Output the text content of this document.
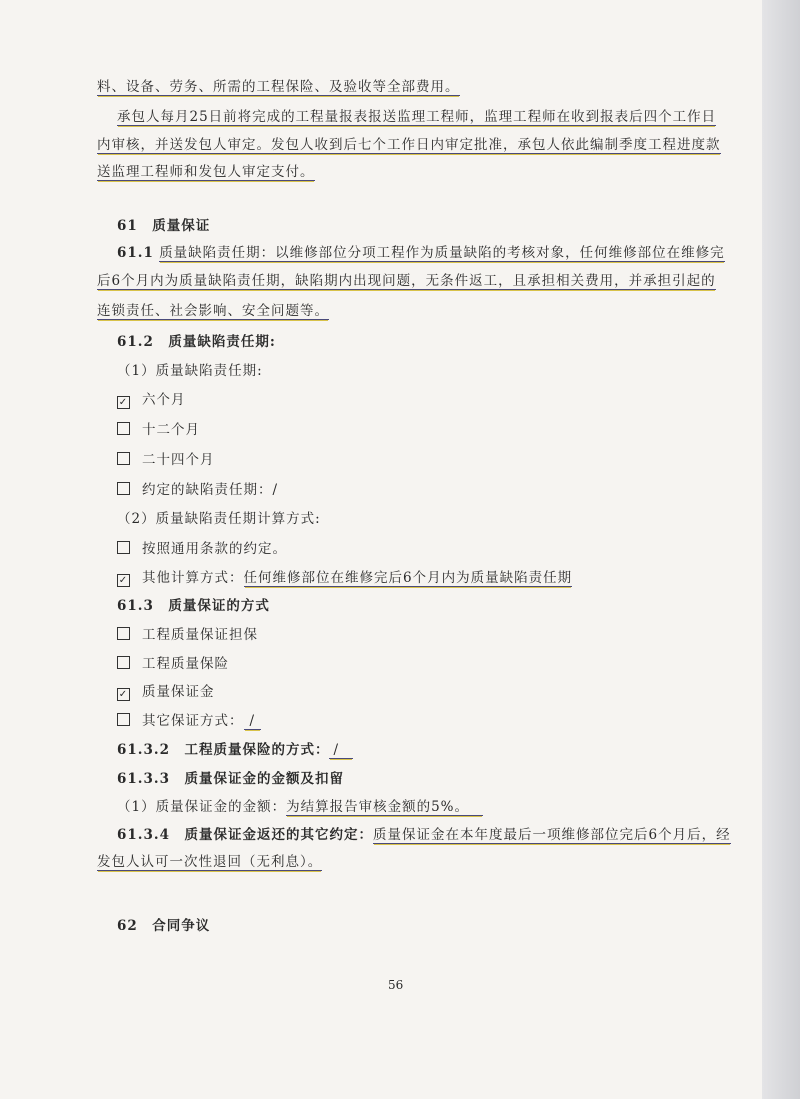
料、设备、劳务、所需的工程保险、及验收等全部费用。
承包人每月25日前将完成的工程量报表报送监理工程师，监理工程师在收到报表后四个工作日
内审核，并送发包人审定。发包人收到后七个工作日内审定批准，承包人依此编制季度工程进度款
送监理工程师和发包人审定支付。
61　质量保证
61.1 质量缺陷责任期：以维修部位分项工程作为质量缺陷的考核对象，任何维修部位在维修完
后6个月内为质量缺陷责任期，缺陷期内出现问题，无条件返工，且承担相关费用，并承担引起的
连锁责任、社会影响、安全问题等。
61.2　质量缺陷责任期:
（1）质量缺陷责任期:
✓ 六个月
十二个月
二十四个月
约定的缺陷责任期：/
（2）质量缺陷责任期计算方式:
按照通用条款的约定。
✓ 其他计算方式：任何维修部位在维修完后6个月内为质量缺陷责任期
61.3　质量保证的方式
工程质量保证担保
工程质量保险
✓ 质量保证金
其它保证方式： /
61.3.2　工程质量保险的方式： /
61.3.3　质量保证金的金额及扣留
（1）质量保证金的金额：为结算报告审核金额的5%。
61.3.4　质量保证金返还的其它约定：质量保证金在本年度最后一项维修部位完后6个月后，经
发包人认可一次性退回（无利息）。
62　合同争议
56
